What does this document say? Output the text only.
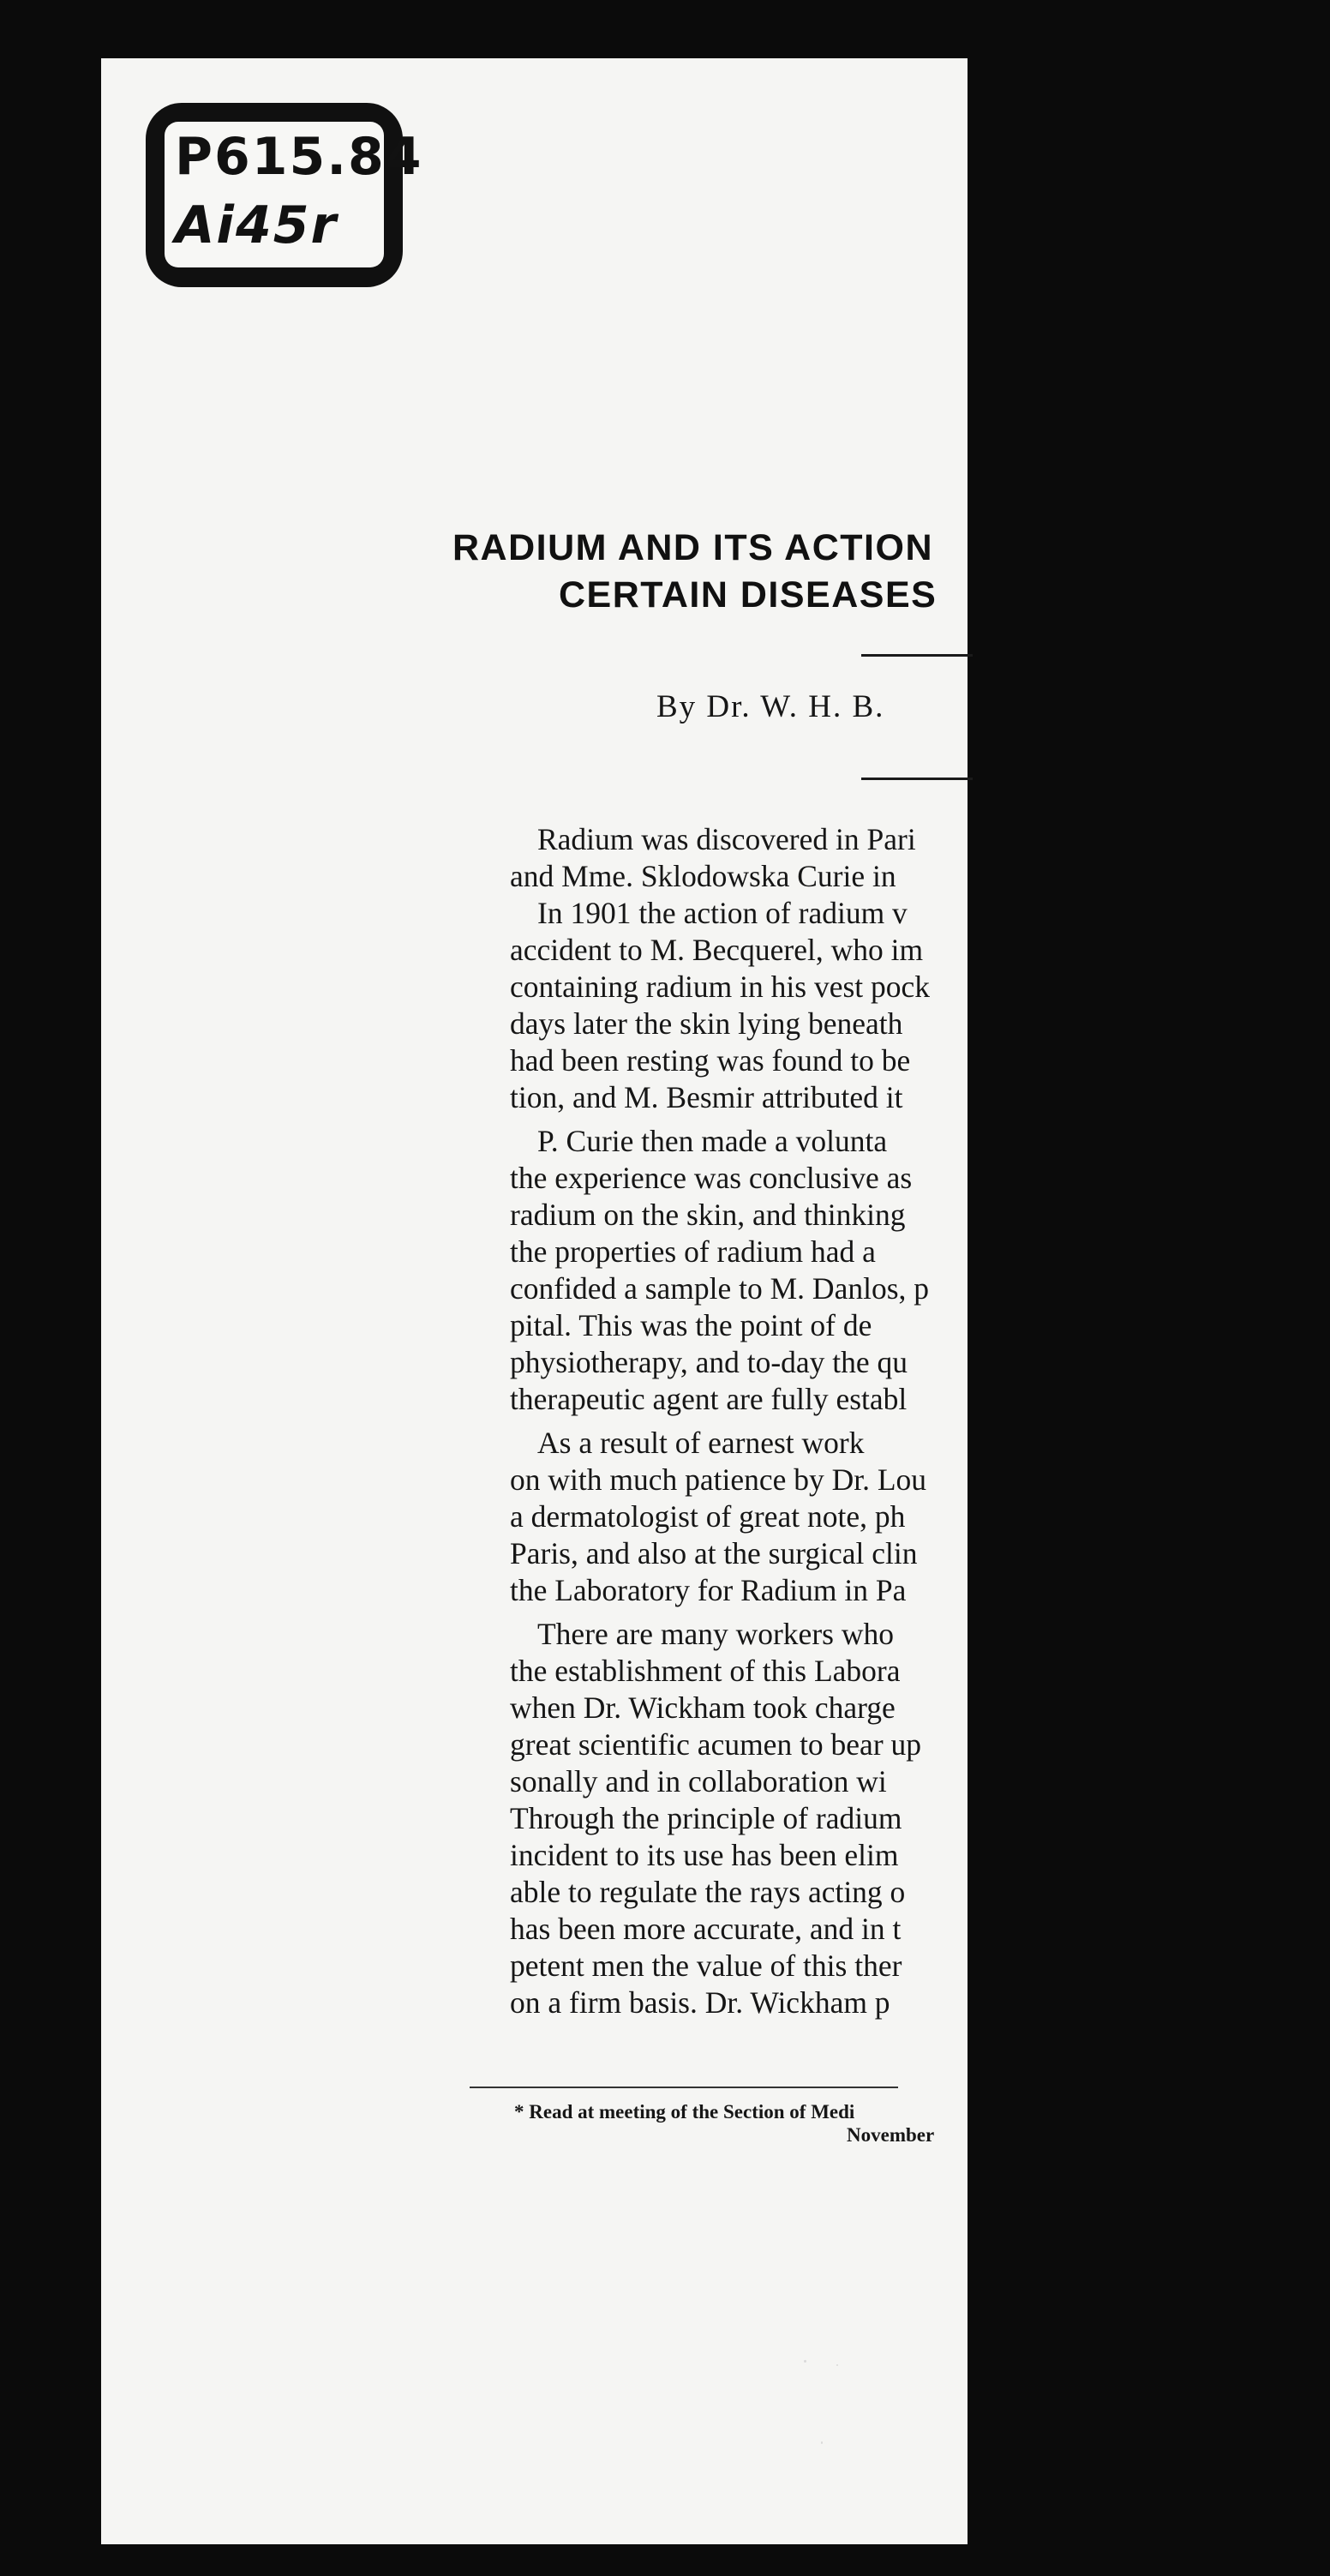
P615.84
Ai45r
RADIUM AND ITS ACTION
CERTAIN DISEASES
By Dr. W. H. B.
Radium was discovered in Pari
and Mme. Sklodowska Curie in
In 1901 the action of radium v
accident to M. Becquerel, who im
containing radium in his vest pock
days later the skin lying beneath
had been resting was found to be
tion, and M. Besmir attributed it
P. Curie then made a volunta
the experience was conclusive as
radium on the skin, and thinking
the properties of radium had a
confided a sample to M. Danlos, p
pital. This was the point of de
physiotherapy, and to-day the qu
therapeutic agent are fully establ
As a result of earnest work
on with much patience by Dr. Lou
a dermatologist of great note, ph
Paris, and also at the surgical clin
the Laboratory for Radium in Pa
There are many workers who
the establishment of this Labora
when Dr. Wickham took charge
great scientific acumen to bear up
sonally and in collaboration wi
Through the principle of radium
incident to its use has been elim
able to regulate the rays acting o
has been more accurate, and in t
petent men the value of this ther
on a firm basis. Dr. Wickham p
* Read at meeting of the Section of Medi
November
